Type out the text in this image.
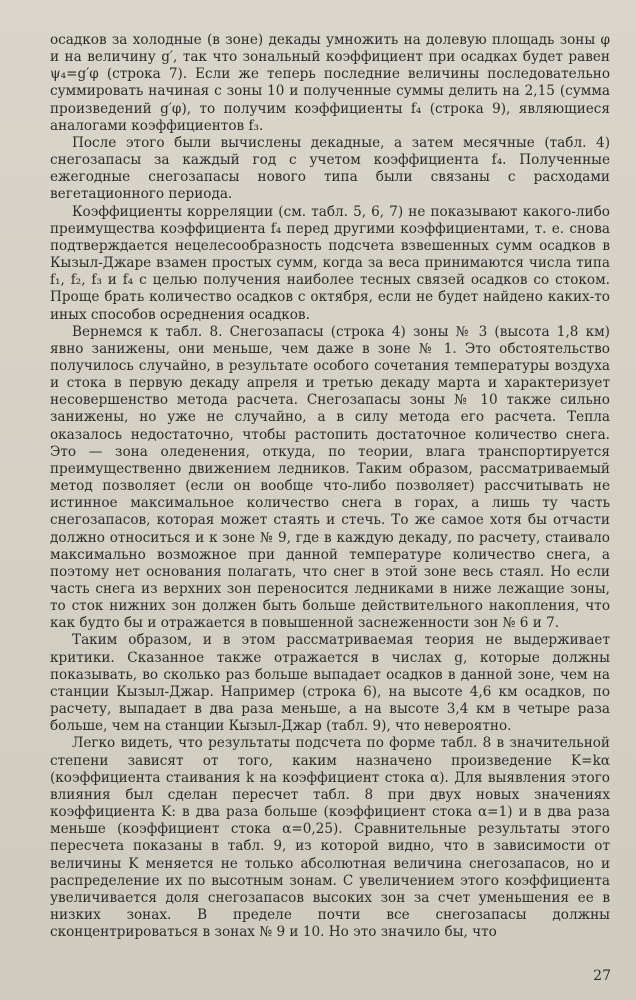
осадков за холодные (в зоне) декады умножить на долевую площадь зоны φ и на величину g′, так что зональный коэффициент при осадках будет равен ψ₄=g′φ (строка 7). Если же теперь последние величины последовательно суммировать начиная с зоны 10 и полученные суммы делить на 2,15 (сумма произведений g′φ), то получим коэффициенты f₄ (строка 9), являющиеся аналогами коэффициентов f₃.

После этого были вычислены декадные, а затем месячные (табл. 4) снегозапасы за каждый год с учетом коэффициента f₄. Полученные ежегодные снегозапасы нового типа были связаны с расходами вегетационного периода.

Коэффициенты корреляции (см. табл. 5, 6, 7) не показывают какого-либо преимущества коэффициента f₄ перед другими коэффициентами, т. е. снова подтверждается нецелесообразность подсчета взвешенных сумм осадков в Кызыл-Джаре взамен простых сумм, когда за веса принимаются числа типа f₁, f₂, f₃ и f₄ с целью получения наиболее тесных связей осадков со стоком. Проще брать количество осадков с октября, если не будет найдено каких-то иных способов осреднения осадков.

Вернемся к табл. 8. Снегозапасы (строка 4) зоны № 3 (высота 1,8 км) явно занижены, они меньше, чем даже в зоне № 1. Это обстоятельство получилось случайно, в результате особого сочетания температуры воздуха и стока в первую декаду апреля и третью декаду марта и характеризует несовершенство метода расчета. Снегозапасы зоны № 10 также сильно занижены, но уже не случайно, а в силу метода его расчета. Тепла оказалось недостаточно, чтобы растопить достаточное количество снега. Это — зона оледенения, откуда, по теории, влага транспортируется преимущественно движением ледников. Таким образом, рассматриваемый метод позволяет (если он вообще что-либо позволяет) рассчитывать не истинное максимальное количество снега в горах, а лишь ту часть снегозапасов, которая может стаять и стечь. То же самое хотя бы отчасти должно относиться и к зоне № 9, где в каждую декаду, по расчету, стаивало максимально возможное при данной температуре количество снега, а поэтому нет основания полагать, что снег в этой зоне весь стаял. Но если часть снега из верхних зон переносится ледниками в ниже лежащие зоны, то сток нижних зон должен быть больше действительного накопления, что как будто бы и отражается в повышенной заснеженности зон № 6 и 7.

Таким образом, и в этом рассматриваемая теория не выдерживает критики. Сказанное также отражается в числах g, которые должны показывать, во сколько раз больше выпадает осадков в данной зоне, чем на станции Кызыл-Джар. Например (строка 6), на высоте 4,6 км осадков, по расчету, выпадает в два раза меньше, а на высоте 3,4 км в четыре раза больше, чем на станции Кызыл-Джар (табл. 9), что невероятно.

Легко видеть, что результаты подсчета по форме табл. 8 в значительной степени зависят от того, каким назначено произведение K=kα (коэффициента стаивания k на коэффициент стока α). Для выявления этого влияния был сделан пересчет табл. 8 при двух новых значениях коэффициента K: в два раза больше (коэффициент стока α=1) и в два раза меньше (коэффициент стока α=0,25). Сравнительные результаты этого пересчета показаны в табл. 9, из которой видно, что в зависимости от величины K меняется не только абсолютная величина снегозапасов, но и распределение их по высотным зонам. С увеличением этого коэффициента увеличивается доля снегозапасов высоких зон за счет уменьшения ее в низких зонах. В пределе почти все снегозапасы должны сконцентрироваться в зонах № 9 и 10. Но это значило бы, что

27
